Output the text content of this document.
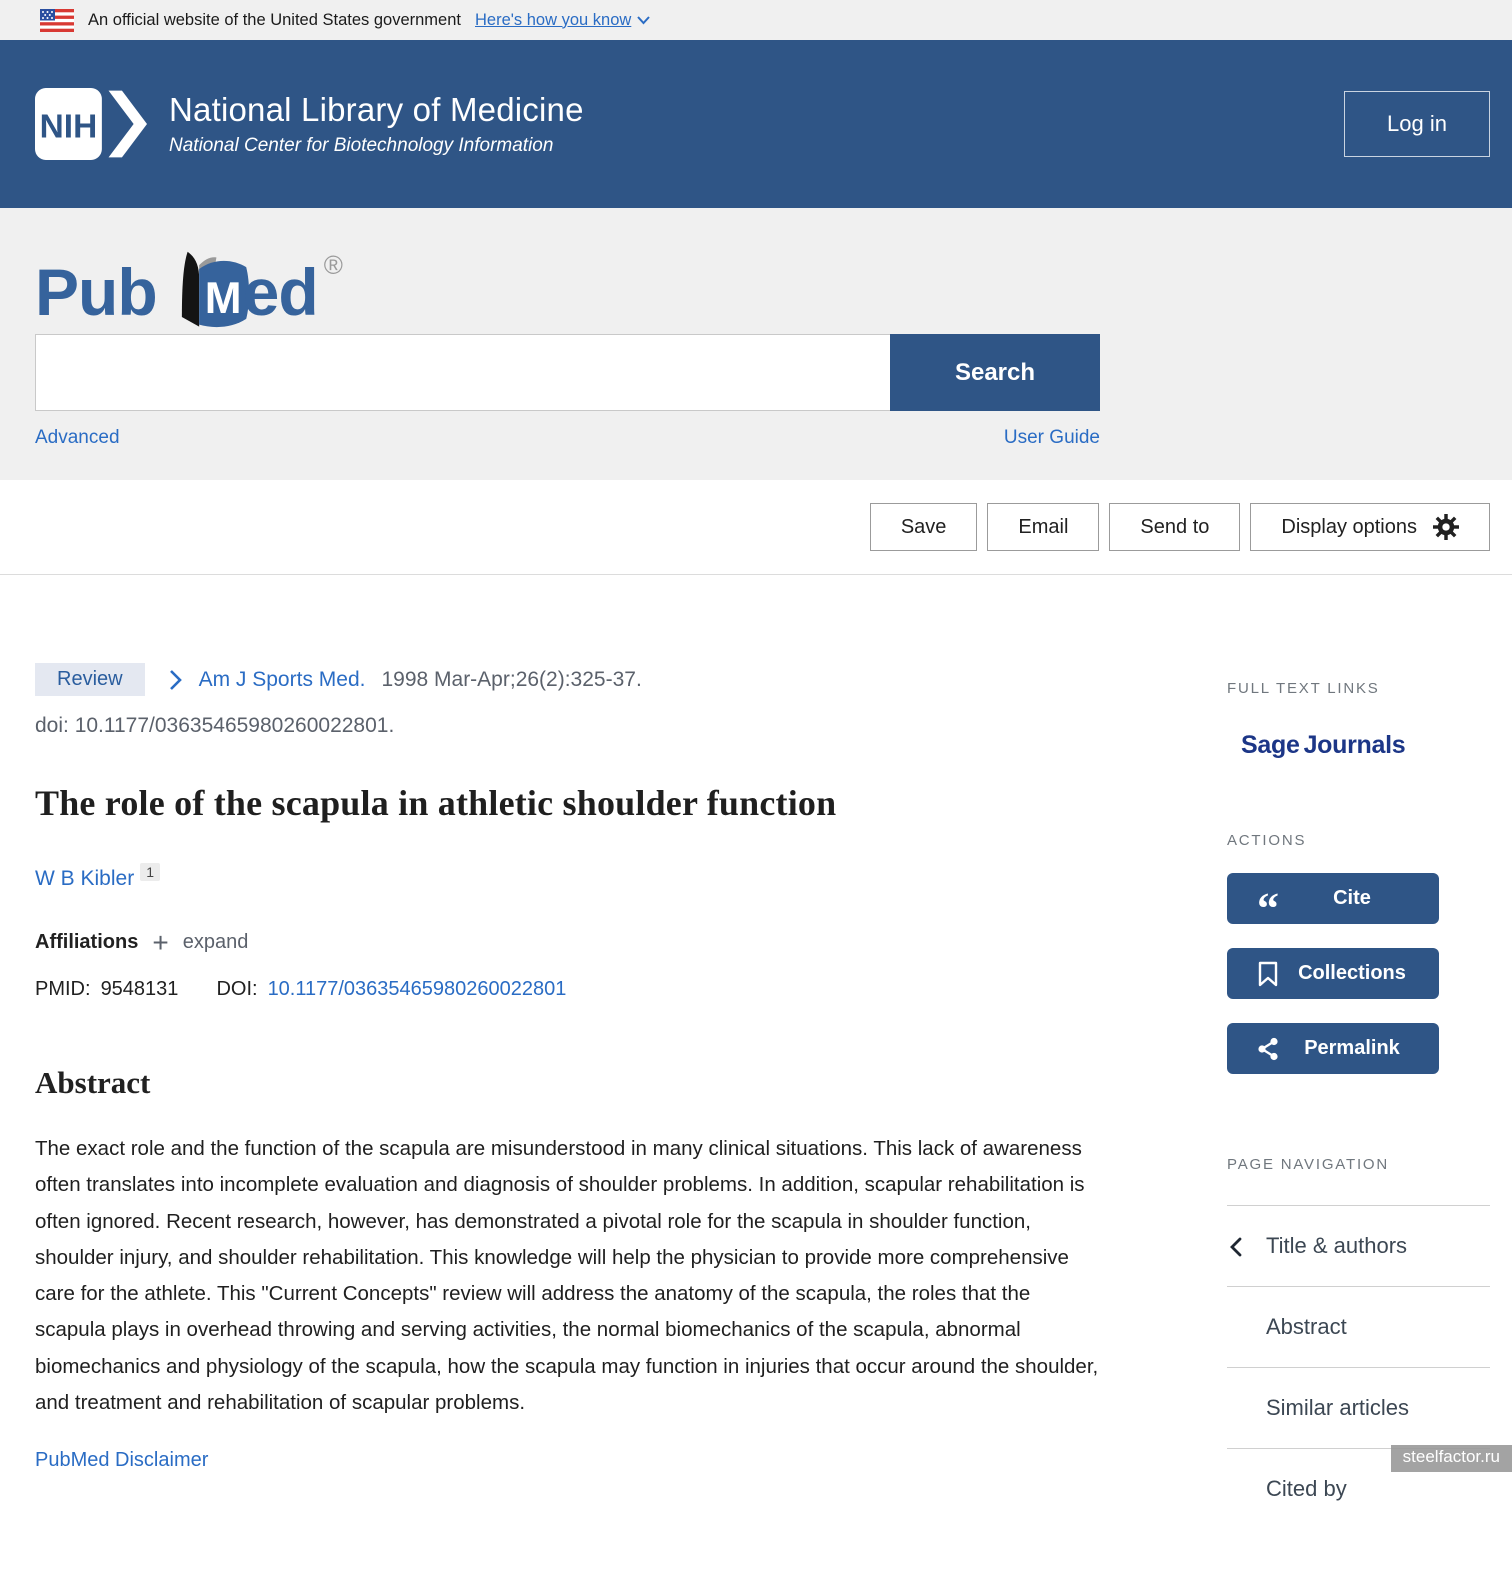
An official website of the United States government Here's how you know
NIH National Library of Medicine
National Center for Biotechnology Information
Log in
Pub M ed ®
Search
Advanced	User Guide
Save	Email	Send to	Display options
Review	Am J Sports Med. 1998 Mar-Apr;26(2):325-37.
doi: 10.1177/03635465980260022801.
The role of the scapula in athletic shoulder function
W B Kibler $^1$
Affiliations + expand
PMID: 9548131 DOI: 10.1177/03635465980260022801
Abstract

The exact role and the function of the scapula are misunderstood in many clinical situations. This lack of awareness often translates into incomplete evaluation and diagnosis of shoulder problems. In addition, scapular rehabilitation is often ignored. Recent research, however, has demonstrated a pivotal role for the scapula in shoulder function, shoulder injury, and shoulder rehabilitation. This knowledge will help the physician to provide more comprehensive care for the athlete. This "Current Concepts" review will address the anatomy of the scapula, the roles that the scapula plays in overhead throwing and serving activities, the normal biomechanics of the scapula, abnormal biomechanics and physiology of the scapula, how the scapula may function in injuries that occur around the shoulder, and treatment and rehabilitation of scapular problems.

PubMed Disclaimer
FULL TEXT LINKS
Sage Journals
ACTIONS
“	Cite
Collections
Permalink
PAGE NAVIGATION
Title & authors
Abstract
Similar articles
Cited by
steelfactor.ru
